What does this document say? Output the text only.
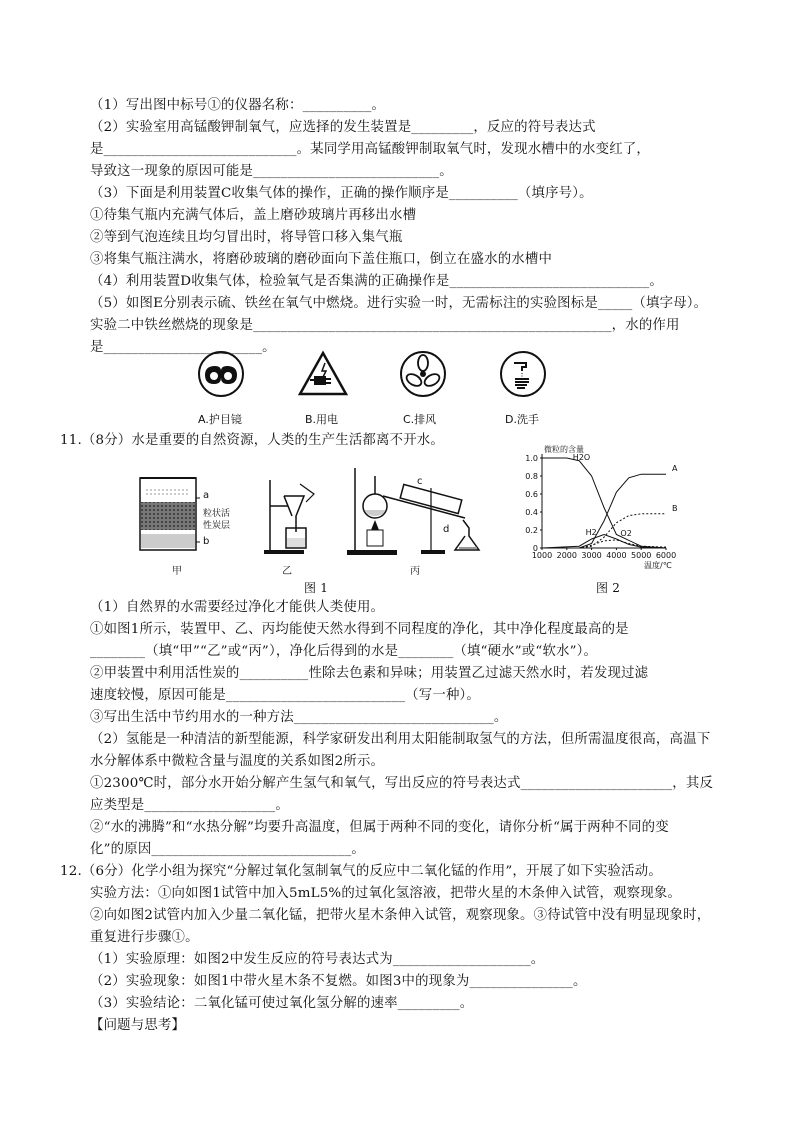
（1）写出图中标号①的仪器名称：__________。
（2）实验室用高锰酸钾制氧气，应选择的发生装置是_________，反应的符号表达式
是____________________________。某同学用高锰酸钾制取氧气时，发现水槽中的水变红了，
导致这一现象的原因可能是___________________________。
（3）下面是利用装置C收集气体的操作，正确的操作顺序是__________（填序号）。
①待集气瓶内充满气体后，盖上磨砂玻璃片再移出水槽
②等到气泡连续且均匀冒出时，将导管口移入集气瓶
③将集气瓶注满水，将磨砂玻璃的磨砂面向下盖住瓶口，倒立在盛水的水槽中
（4）利用装置D收集气体，检验氧气是否集满的正确操作是_____________________________。
（5）如图E分别表示硫、铁丝在氧气中燃烧。进行实验一时，无需标注的实验图标是_____（填字母）。
实验二中铁丝燃烧的现象是____________________________________________________，水的作用
是_______________________。
A.护目镜	B.用电	C.排风	D.洗手
11.（8分）水是重要的自然资源，人类的生产生活都离不开水。
a
粒状活
性炭层
b
c
d
甲	乙	丙
图 1
0
0.2
0.4
0.6
0.8
1.0
1000 2000 3000 4000 5000 6000
微粒的含量
温度/℃
H2O
A
B
H2	O2
图 2
（1）自然界的水需要经过净化才能供人类使用。
①如图1所示，装置甲、乙、丙均能使天然水得到不同程度的净化，其中净化程度最高的是
________（填“甲”“乙”或“丙”），净化后得到的水是________（填“硬水”或“软水”）。
②甲装置中利用活性炭的__________性除去色素和异味；用装置乙过滤天然水时，若发现过滤
速度较慢，原因可能是__________________________（写一种）。
③写出生活中节约用水的一种方法_____________________________。
（2）氢能是一种清洁的新型能源，科学家研发出利用太阳能制取氢气的方法，但所需温度很高，高温下
水分解体系中微粒含量与温度的关系如图2所示。
①2300℃时，部分水开始分解产生氢气和氧气，写出反应的符号表达式______________________，其反
应类型是___________________。
②“水的沸腾”和“水热分解”均要升高温度，但属于两种不同的变化，请你分析“属于两种不同的变
化”的原因_____________________________。
12.（6分）化学小组为探究“分解过氧化氢制氧气的反应中二氧化锰的作用”，开展了如下实验活动。
实验方法：①向如图1试管中加入5mL5%的过氧化氢溶液，把带火星的木条伸入试管，观察现象。
②向如图2试管内加入少量二氧化锰，把带火星木条伸入试管，观察现象。③待试管中没有明显现象时，
重复进行步骤①。
（1）实验原理：如图2中发生反应的符号表达式为____________________。
（2）实验现象：如图1中带火星木条不复燃。如图3中的现象为_______________。
（3）实验结论：二氧化锰可使过氧化氢分解的速率_________。
【问题与思考】
